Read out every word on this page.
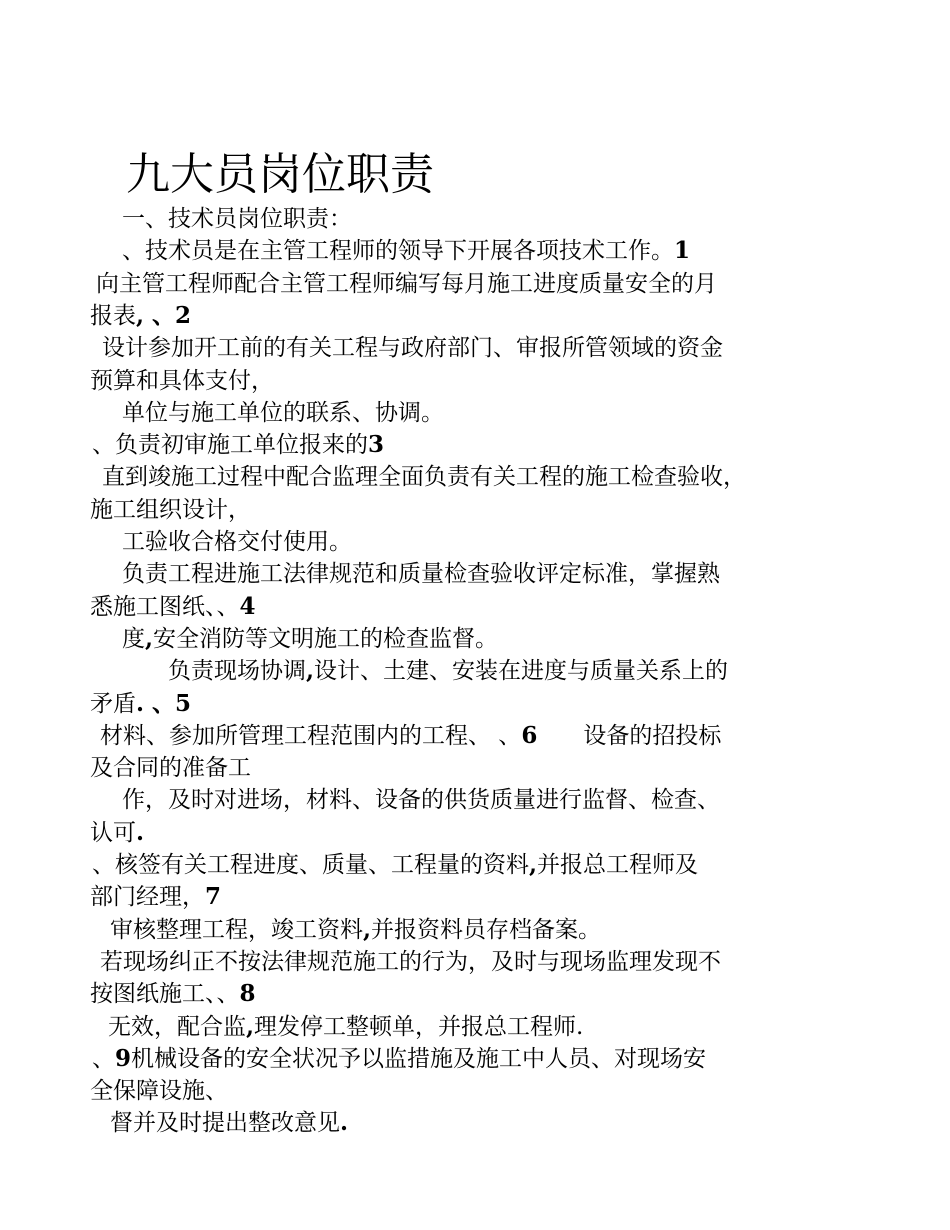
九大员岗位职责
一、技术员岗位职责：
、技术员是在主管工程师的领导下开展各项技术工作。1
向主管工程师配合主管工程师编写每月施工进度质量安全的月
报表, 、2
设计参加开工前的有关工程与政府部门、审报所管领域的资金
预算和具体支付，
单位与施工单位的联系、协调。
、负责初审施工单位报来的3
直到竣施工过程中配合监理全面负责有关工程的施工检查验收，
施工组织设计，
工验收合格交付使用。
负责工程进施工法律规范和质量检查验收评定标准，掌握熟
悉施工图纸、、4
度,安全消防等文明施工的检查监督。
负责现场协调,设计、土建、安装在进度与质量关系上的
矛盾. 、5
材料、参加所管理工程范围内的工程、 、6　　设备的招投标
及合同的准备工
作，及时对进场，材料、设备的供货质量进行监督、检查、
认可.
、核签有关工程进度、质量、工程量的资料,并报总工程师及
部门经理，7
审核整理工程，竣工资料,并报资料员存档备案。
若现场纠正不按法律规范施工的行为，及时与现场监理发现不
按图纸施工、、8
无效，配合监,理发停工整顿单，并报总工程师.
、9机械设备的安全状况予以监措施及施工中人员、对现场安
全保障设施、
督并及时提出整改意见.
